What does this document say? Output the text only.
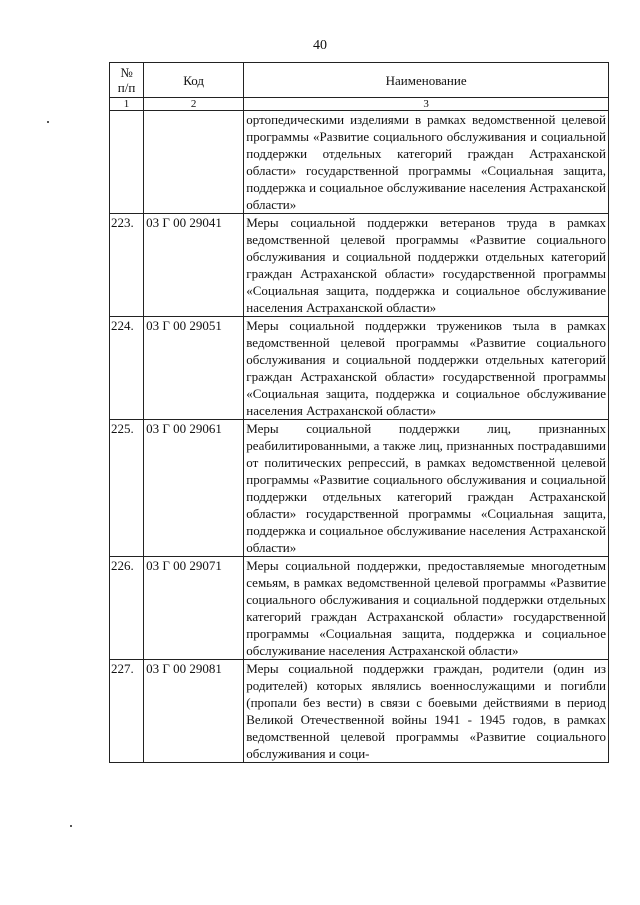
40
№
п/п	Код	Наименование
1	2	3
		ортопедическими изделиями в рамках ведомственной целевой программы «Развитие социального обслуживания и социальной поддержки отдельных категорий граждан Астраханской области» государственной программы «Социальная защита, поддержка и социальное обслуживание населения Астраханской области»
223.	03 Г 00 29041	Меры социальной поддержки ветеранов труда в рамках ведомственной целевой программы «Развитие социального обслуживания и социальной поддержки отдельных категорий граждан Астраханской области» государственной программы «Социальная защита, поддержка и социальное обслуживание населения Астраханской области»
224.	03 Г 00 29051	Меры социальной поддержки тружеников тыла в рамках ведомственной целевой программы «Развитие социального обслуживания и социальной поддержки отдельных категорий граждан Астраханской области» государственной программы «Социальная защита, поддержка и социальное обслуживание населения Астраханской области»
225.	03 Г 00 29061	Меры социальной поддержки лиц, признанных реабилитированными, а также лиц, признанных пострадавшими от политических репрессий, в рамках ведомственной целевой программы «Развитие социального обслуживания и социальной поддержки отдельных категорий граждан Астраханской области» государственной программы «Социальная защита, поддержка и социальное обслуживание населения Астраханской области»
226.	03 Г 00 29071	Меры социальной поддержки, предоставляемые многодетным семьям, в рамках ведомственной целевой программы «Развитие социального обслуживания и социальной поддержки отдельных категорий граждан Астраханской области» государственной программы «Социальная защита, поддержка и социальное обслуживание населения Астраханской области»
227.	03 Г 00 29081	Меры социальной поддержки граждан, родители (один из родителей) которых являлись военнослужащими и погибли (пропали без вести) в связи с боевыми действиями в период Великой Отечественной войны 1941 - 1945 годов, в рамках ведомственной целевой программы «Развитие социального обслуживания и соци-
